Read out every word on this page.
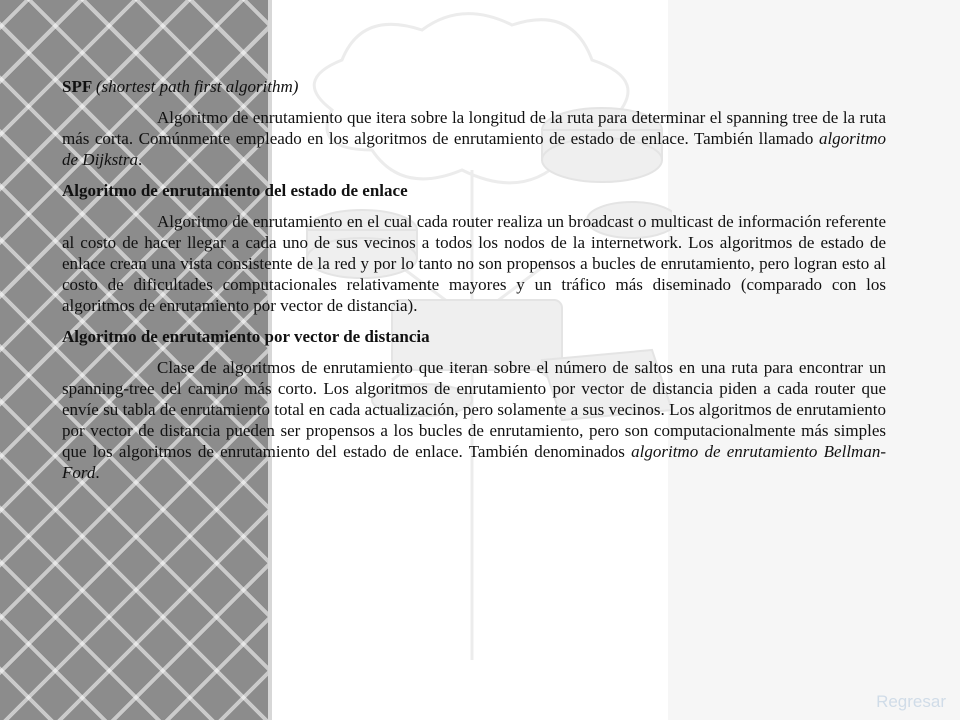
SPF (shortest path first algorithm)

Algoritmo de enrutamiento que itera sobre la longitud de la ruta para determinar el spanning tree de la ruta más corta. Comúnmente empleado en los algoritmos de enrutamiento de estado de enlace. También llamado algoritmo de Dijkstra.

Algoritmo de enrutamiento del estado de enlace

Algoritmo de enrutamiento en el cual cada router realiza un broadcast o multicast de información referente al costo de hacer llegar a cada uno de sus vecinos a todos los nodos de la internetwork. Los algoritmos de estado de enlace crean una vista consistente de la red y por lo tanto no son propensos a bucles de enrutamiento, pero logran esto al costo de dificultades computacionales relativamente mayores y un tráfico más diseminado (comparado con los algoritmos de enrutamiento por vector de distancia).

Algoritmo de enrutamiento por vector de distancia

Clase de algoritmos de enrutamiento que iteran sobre el número de saltos en una ruta para encontrar un spanning-tree del camino más corto. Los algoritmos de enrutamiento por vector de distancia piden a cada router que envíe su tabla de enrutamiento total en cada actualización, pero solamente a sus vecinos. Los algoritmos de enrutamiento por vector de distancia pueden ser propensos a los bucles de enrutamiento, pero son computacionalmente más simples que los algoritmos de enrutamiento del estado de enlace. También denominados algoritmo de enrutamiento Bellman-Ford.

Regresar
